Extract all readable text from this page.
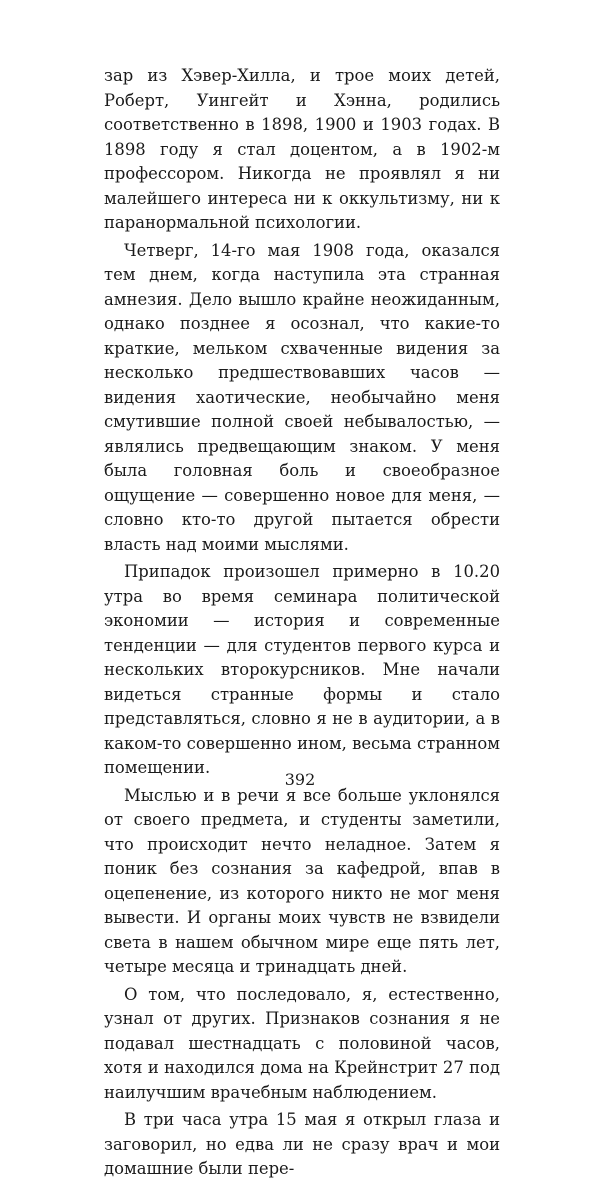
зар из Хэвер-Хилла, и трое моих детей, Роберт, Уингейт и Хэнна, родились соответственно в 1898, 1900 и 1903 годах. В 1898 году я стал доцентом, а в 1902-м профессором. Никогда не проявлял я ни малейшего интереса ни к оккультизму, ни к паранормальной психологии.

Четверг, 14-го мая 1908 года, оказался тем днем, когда наступила эта странная амнезия. Дело вышло крайне неожиданным, однако позднее я осознал, что какие-то краткие, мельком схваченные видения за несколько предшествовавших часов — видения хаотические, необычайно меня смутившие полной своей небывалостью, — являлись предвещающим знаком. У меня была головная боль и своеобразное ощущение — совершенно новое для меня, — словно кто-то другой пытается обрести власть над моими мыслями.

Припадок произошел примерно в 10.20 утра во время семинара политической экономии — история и современные тенденции — для студентов первого курса и нескольких второкурсников. Мне начали видеться странные формы и стало представляться, словно я не в аудитории, а в каком-то совершенно ином, весьма странном помещении.

Мыслью и в речи я все больше уклонялся от своего предмета, и студенты заметили, что происходит нечто неладное. Затем я поник без сознания за кафедрой, впав в оцепенение, из которого никто не мог меня вывести. И органы моих чувств не взвидели света в нашем обычном мире еще пять лет, четыре месяца и тринадцать дней.

О том, что последовало, я, естественно, узнал от других. Признаков сознания я не подавал шестнадцать с половиной часов, хотя и находился дома на Крейнстрит 27 под наилучшим врачебным наблюдением.

В три часа утра 15 мая я открыл глаза и заговорил, но едва ли не сразу врач и мои домашние были пере-

392
